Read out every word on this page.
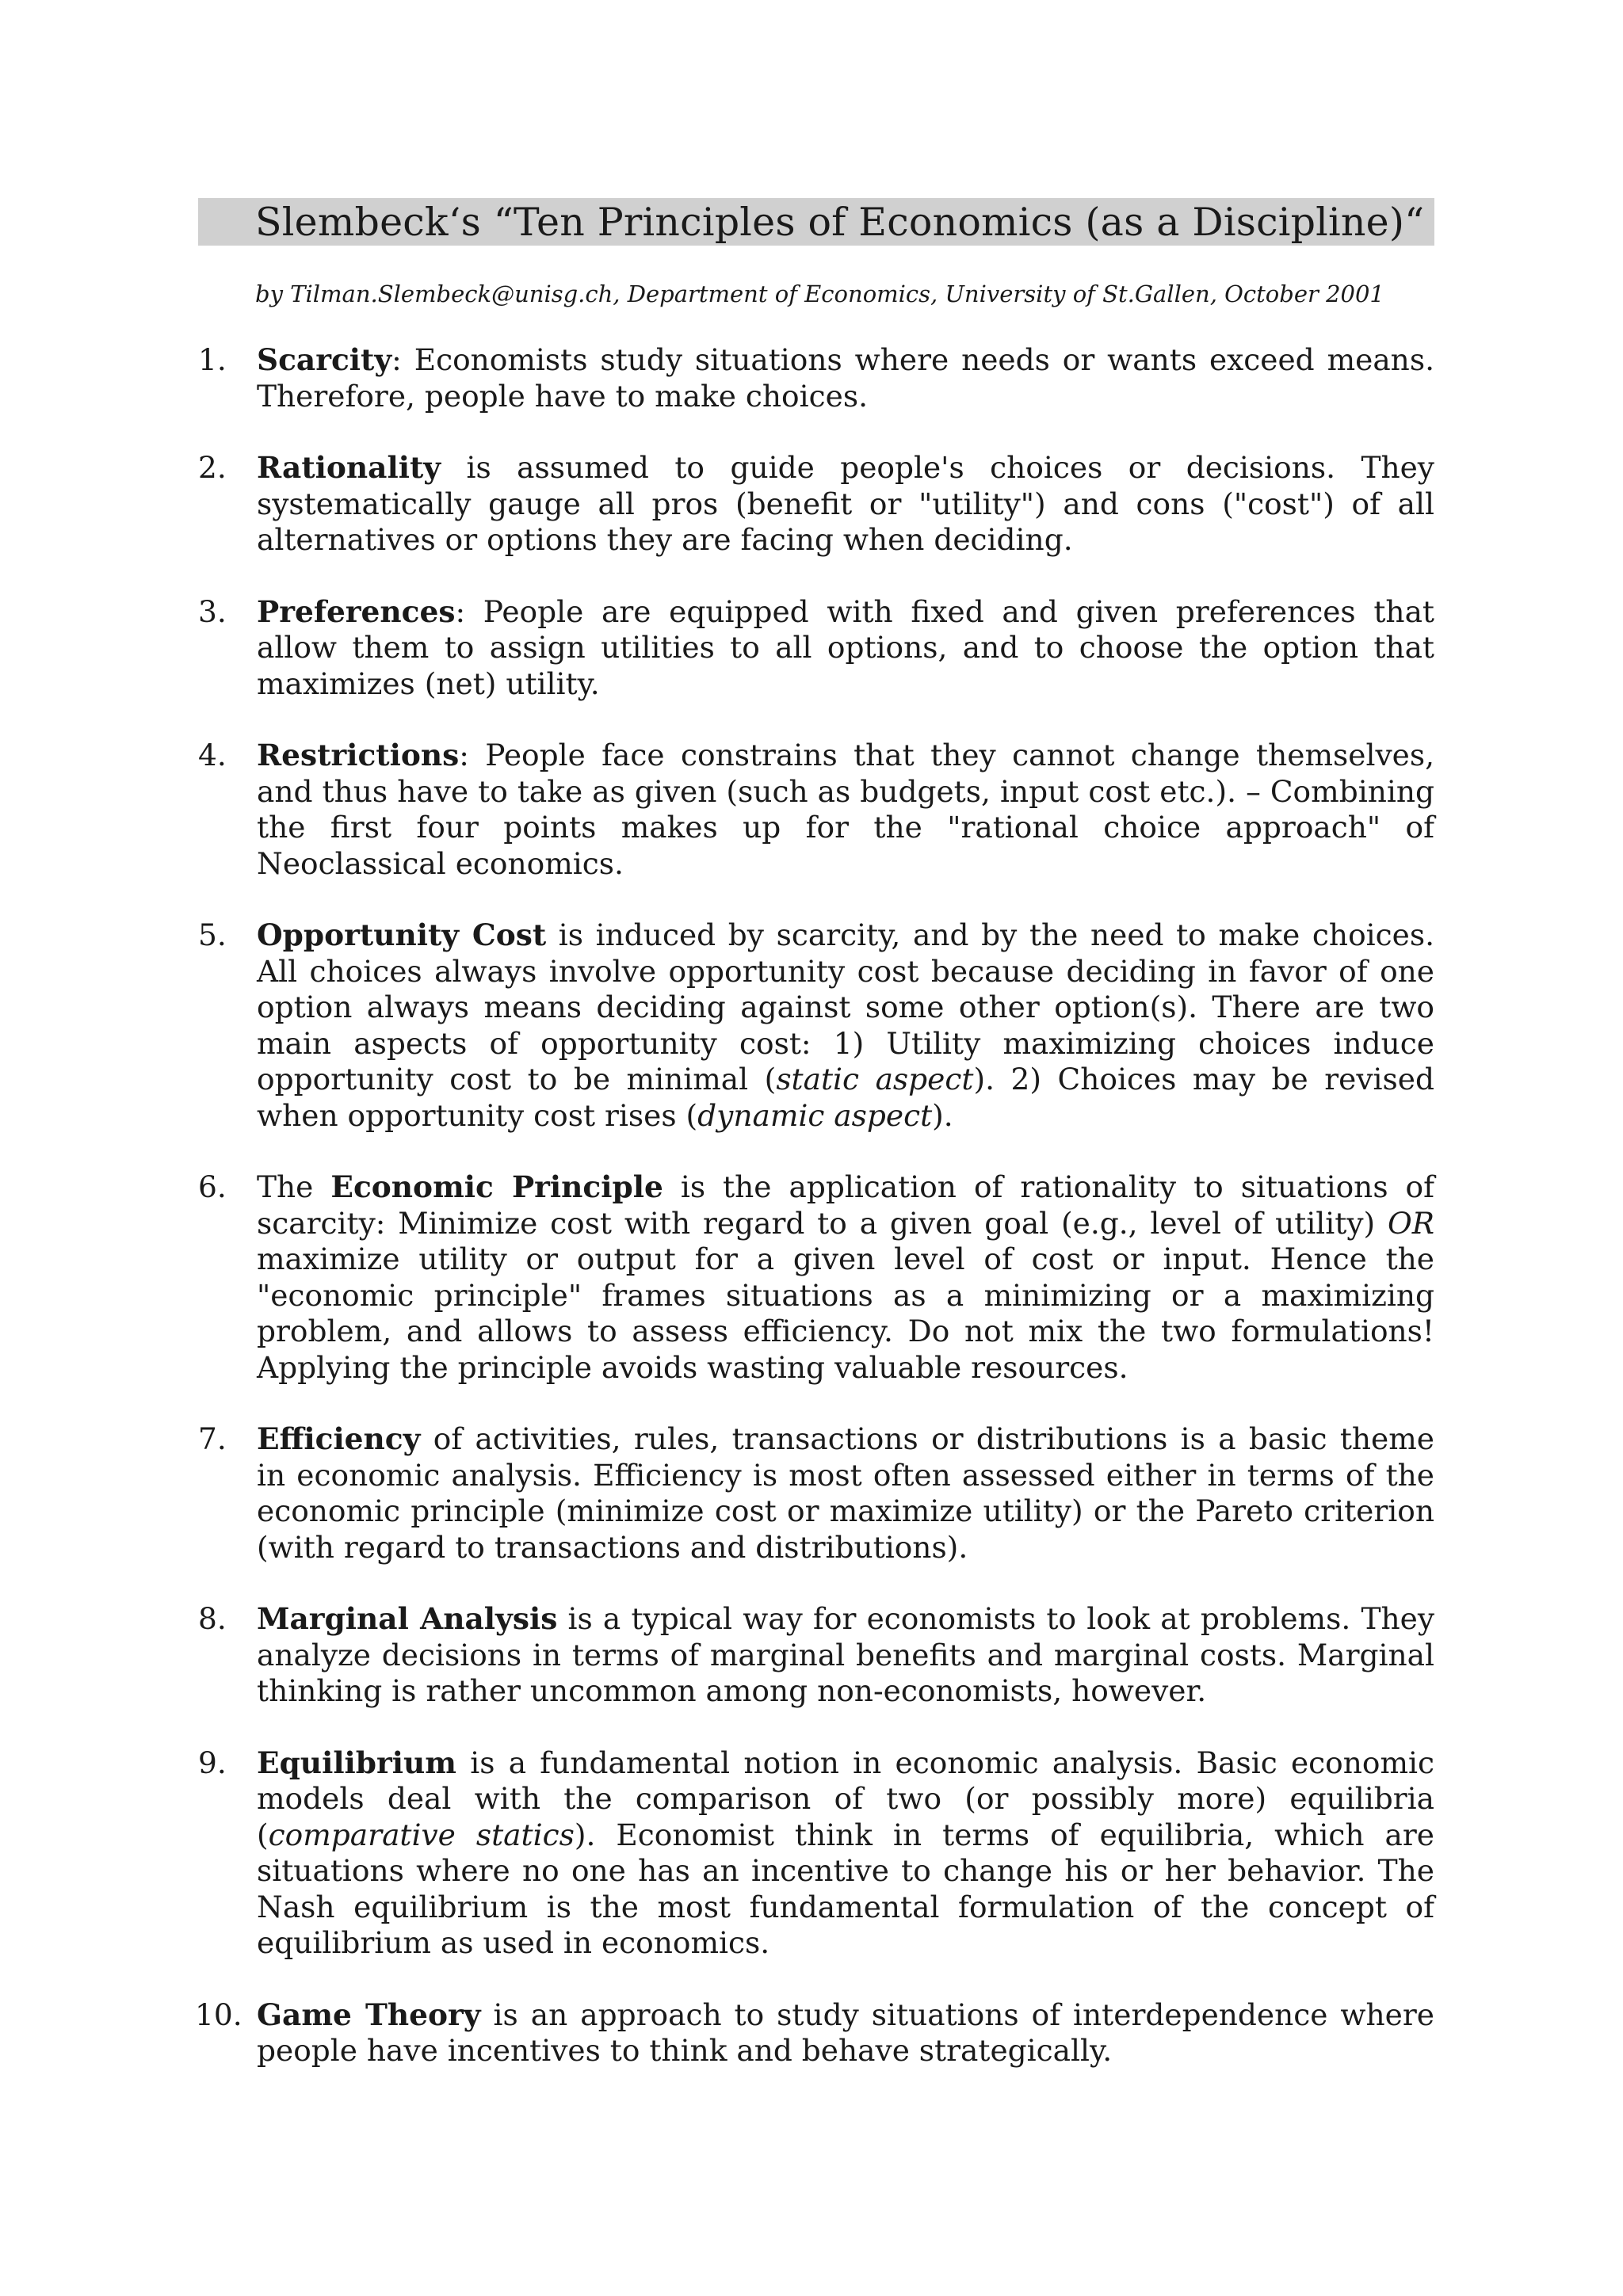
Slembeck‘s “Ten Principles of Economics (as a Discipline)“
by Tilman.Slembeck@unisg.ch, Department of Economics, University of St.Gallen, October 2001
1.	Scarcity: Economists study situations where needs or wants exceed means. Therefore, people have to make choices.
2.	Rationality is assumed to guide people's choices or decisions. They systematically gauge all pros (benefit or "utility") and cons ("cost") of all alternatives or options they are facing when deciding.
3.	Preferences: People are equipped with fixed and given preferences that allow them to assign utilities to all options, and to choose the option that maximizes (net) utility.
4.	Restrictions: People face constrains that they cannot change themselves, and thus have to take as given (such as budgets, input cost etc.). – Combining the first four points makes up for the "rational choice approach" of Neoclassical economics.
5.	Opportunity Cost is induced by scarcity, and by the need to make choices. All choices always involve opportunity cost because deciding in favor of one option always means deciding against some other option(s). There are two main aspects of opportunity cost: 1) Utility maximizing choices induce opportunity cost to be minimal (static aspect). 2) Choices may be revised when opportunity cost rises (dynamic aspect).
6.	The Economic Principle is the application of rationality to situations of scarcity: Minimize cost with regard to a given goal (e.g., level of utility) OR maximize utility or output for a given level of cost or input. Hence the "economic principle" frames situations as a minimizing or a maximizing problem, and allows to assess efficiency. Do not mix the two formulations! Applying the principle avoids wasting valuable resources.
7.	Efficiency of activities, rules, transactions or distributions is a basic theme in economic analysis. Efficiency is most often assessed either in terms of the economic principle (minimize cost or maximize utility) or the Pareto criterion (with regard to transactions and distributions).
8.	Marginal Analysis is a typical way for economists to look at problems. They analyze decisions in terms of marginal benefits and marginal costs. Marginal thinking is rather uncommon among non-economists, however.
9.	Equilibrium is a fundamental notion in economic analysis. Basic economic models deal with the comparison of two (or possibly more) equilibria (comparative statics). Economist think in terms of equilibria, which are situations where no one has an incentive to change his or her behavior. The Nash equilibrium is the most fundamental formulation of the concept of equilibrium as used in economics.
10. Game Theory is an approach to study situations of interdependence where people have incentives to think and behave strategically.
